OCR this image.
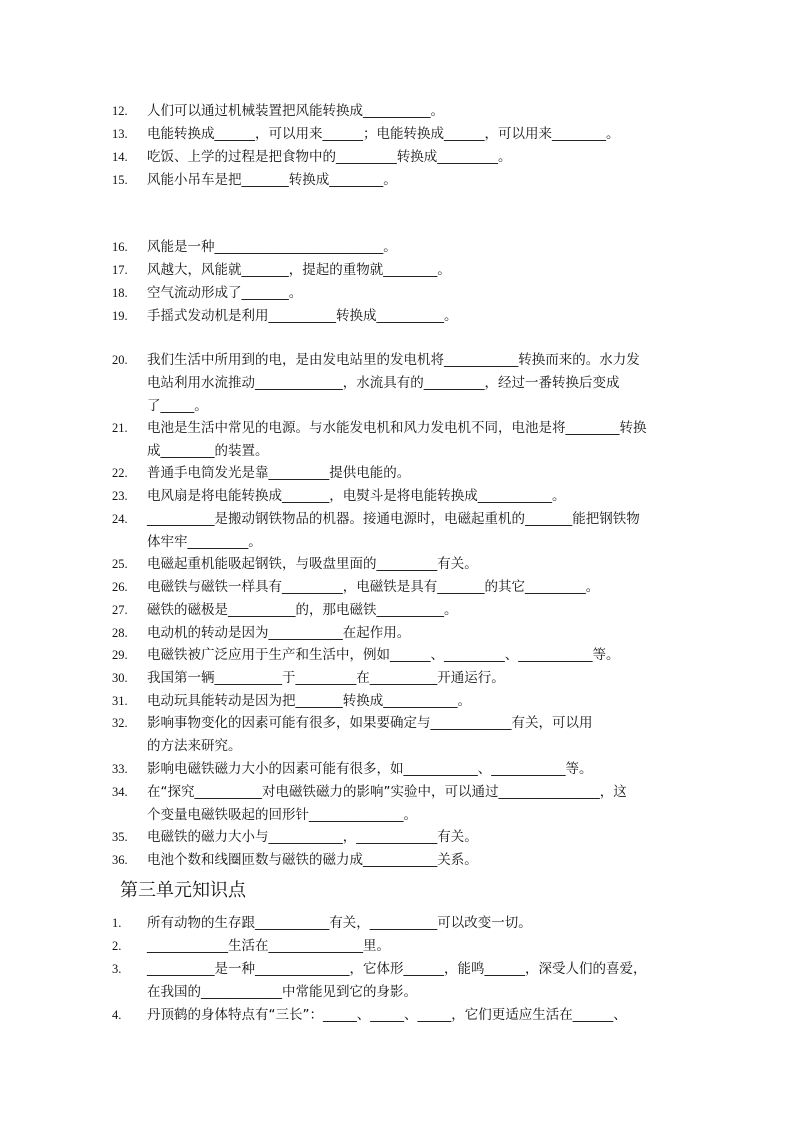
12.	人们可以通过机械装置把风能转换成__________。
13.	电能转换成______，可以用来______；电能转换成______，可以用来________。
14.	吃饭、上学的过程是把食物中的_________转换成_________。
15.	风能小吊车是把_______转换成________。
16.	风能是一种_________________________。
17.	风越大，风能就_______，提起的重物就________。
18.	空气流动形成了_______。
19.	手摇式发动机是利用__________转换成__________。
20.	我们生活中所用到的电，是由发电站里的发电机将___________转换而来的。水力发
电站利用水流推动_____________，水流具有的_________，经过一番转换后变成
了_____。
21.	电池是生活中常见的电源。与水能发电机和风力发电机不同，电池是将________转换
成________的装置。
22.	普通手电筒发光是靠_________提供电能的。
23.	电风扇是将电能转换成_______，电熨斗是将电能转换成___________。
24.	__________是搬动钢铁物品的机器。接通电源时，电磁起重机的_______能把钢铁物
体牢牢_________。
25.	电磁起重机能吸起钢铁，与吸盘里面的_________有关。
26.	电磁铁与磁铁一样具有_________，电磁铁是具有_______的其它_________。
27.	磁铁的磁极是__________的，那电磁铁__________。
28.	电动机的转动是因为___________在起作用。
29.	电磁铁被广泛应用于生产和生活中，例如______、_________、___________等。
30.	我国第一辆__________于_________在__________开通运行。
31.	电动玩具能转动是因为把_______转换成___________。
32.	影响事物变化的因素可能有很多，如果要确定与____________有关，可以用
的方法来研究。
33.	影响电磁铁磁力大小的因素可能有很多，如___________、___________等。
34.	在“探究__________对电磁铁磁力的影响”实验中，可以通过_______________，这
个变量电磁铁吸起的回形针______________。
35.	电磁铁的磁力大小与___________，____________有关。
36.	电池个数和线圈匝数与磁铁的磁力成___________关系。
第三单元知识点
1.	所有动物的生存跟___________有关，__________可以改变一切。
2.	____________生活在______________里。
3.	__________是一种______________，它体形______，能鸣______，深受人们的喜爱，
在我国的____________中常能见到它的身影。
4.	丹顶鹤的身体特点有“三长”：_____、_____、_____，它们更适应生活在______、
